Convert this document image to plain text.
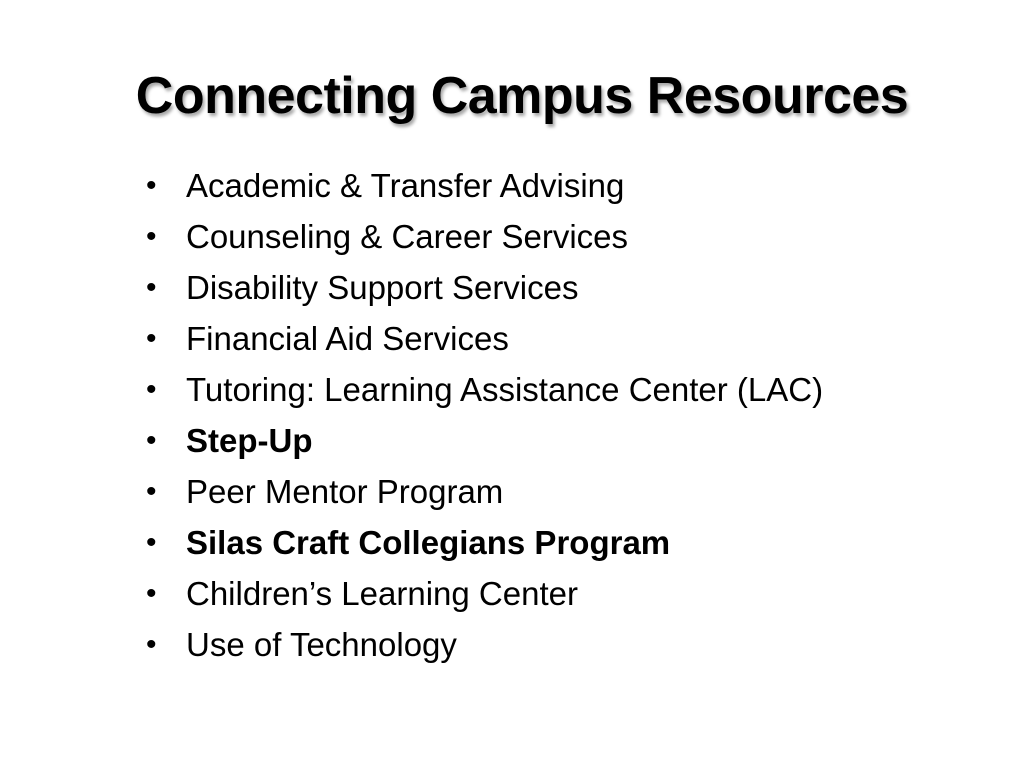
Connecting Campus Resources
• Academic & Transfer Advising
• Counseling & Career Services
• Disability Support Services
• Financial Aid Services
• Tutoring: Learning Assistance Center (LAC)
• Step-Up
• Peer Mentor Program
• Silas Craft Collegians Program
• Children’s Learning Center
• Use of Technology
